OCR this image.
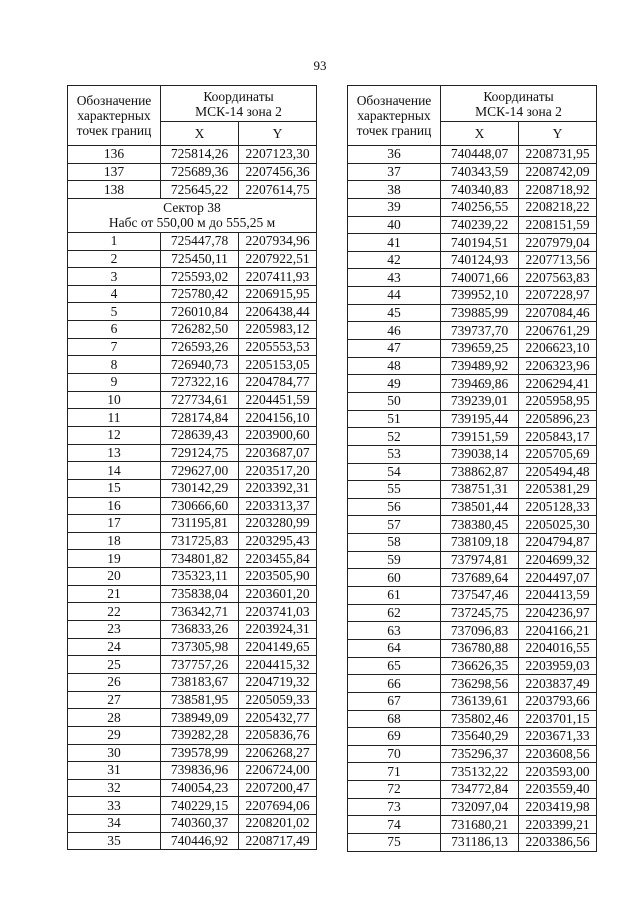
93
Обозначение характерных точек границ	Координаты МСК-14 зона 2	
	X	Y
136	725814,26	2207123,30
137	725689,36	2207456,36
138	725645,22	2207614,75

Сектор 38
Набс от 550,00 м до 555,25 м		

1	725447,78	2207934,96
2	725450,11	2207922,51
3	725593,02	2207411,93
4	725780,42	2206915,95
5	726010,84	2206438,44
6	726282,50	2205983,12
7	726593,26	2205553,53
8	726940,73	2205153,05
9	727322,16	2204784,77
10	727734,61	2204451,59
11	728174,84	2204156,10
12	728639,43	2203900,60
13	729124,75	2203687,07
14	729627,00	2203517,20
15	730142,29	2203392,31
16	730666,60	2203313,37
17	731195,81	2203280,99
18	731725,83	2203295,43
19	734801,82	2203455,84
20	735323,11	2203505,90
21	735838,04	2203601,20
22	736342,71	2203741,03
23	736833,26	2203924,31
24	737305,98	2204149,65
25	737757,26	2204415,32
26	738183,67	2204719,32
27	738581,95	2205059,33
28	738949,09	2205432,77
29	739282,28	2205836,76
30	739578,99	2206268,27
31	739836,96	2206724,00
32	740054,23	2207200,47
33	740229,15	2207694,06
34	740360,37	2208201,02
35	740446,92	2208717,49
Обозначение характерных точек границ	Координаты МСК-14 зона 2	
	X	Y
36	740448,07	2208731,95
37	740343,59	2208742,09
38	740340,83	2208718,92
39	740256,55	2208218,22
40	740239,22	2208151,59
41	740194,51	2207979,04
42	740124,93	2207713,56
43	740071,66	2207563,83
44	739952,10	2207228,97
45	739885,99	2207084,46
46	739737,70	2206761,29
47	739659,25	2206623,10
48	739489,92	2206323,96
49	739469,86	2206294,41
50	739239,01	2205958,95
51	739195,44	2205896,23
52	739151,59	2205843,17
53	739038,14	2205705,69
54	738862,87	2205494,48
55	738751,31	2205381,29
56	738501,44	2205128,33
57	738380,45	2205025,30
58	738109,18	2204794,87
59	737974,81	2204699,32
60	737689,64	2204497,07
61	737547,46	2204413,59
62	737245,75	2204236,97
63	737096,83	2204166,21
64	736780,88	2204016,55
65	736626,35	2203959,03
66	736298,56	2203837,49
67	736139,61	2203793,66
68	735802,46	2203701,15
69	735640,29	2203671,33
70	735296,37	2203608,56
71	735132,22	2203593,00
72	734772,84	2203559,40
73	732097,04	2203419,98
74	731680,21	2203399,21
75	731186,13	2203386,56
